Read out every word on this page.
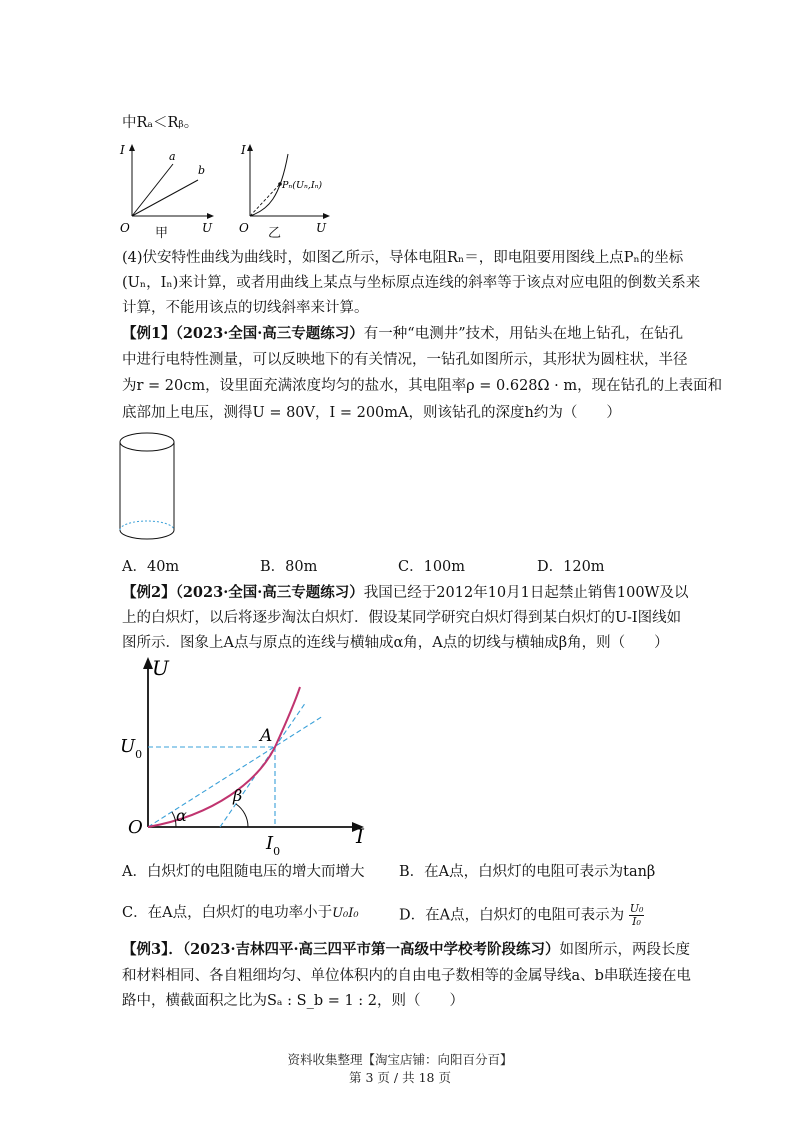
中Rₐ＜Rᵦ。
I
U
O
a
b
甲
I
U
O
Pₙ(Uₙ,Iₙ)
乙
(4)伏安特性曲线为曲线时，如图乙所示，导体电阻Rₙ＝，即电阻要用图线上点Pₙ的坐标
(Uₙ，Iₙ)来计算，或者用曲线上某点与坐标原点连线的斜率等于该点对应电阻的倒数关系来
计算，不能用该点的切线斜率来计算。
【例1】（2023·全国·高三专题练习）有一种“电测井”技术，用钻头在地上钻孔，在钻孔
中进行电特性测量，可以反映地下的有关情况，一钻孔如图所示，其形状为圆柱状，半径
为r = 20cm，设里面充满浓度均匀的盐水，其电阻率ρ = 0.628Ω · m，现在钻孔的上表面和
底部加上电压，测得U = 80V，I = 200mA，则该钻孔的深度h约为（　　）
A．40m	B．80m	C．100m	D．120m
【例2】（2023·全国·高三专题练习）我国已经于2012年10月1日起禁止销售100W及以
上的白炽灯，以后将逐步淘汰白炽灯．假设某同学研究白炽灯得到某白炽灯的U-I图线如
图所示．图象上A点与原点的连线与横轴成α角，A点的切线与横轴成β角，则（　　）
U
I
O
A
$U_0$
$I_0$
α
β
A．白炽灯的电阻随电压的增大而增大 B．在A点，白炽灯的电阻可表示为tanβ
C．在A点，白炽灯的电功率小于U₀I₀	D．在A点，白炽灯的电阻可表示为 $\frac{\text{U₀}}{\text{I₀}}$
【例3】．（2023·吉林四平·高三四平市第一高级中学校考阶段练习）如图所示，两段长度
和材料相同、各自粗细均匀、单位体积内的自由电子数相等的金属导线a、b串联连接在电
路中，横截面积之比为Sₐ : S_b = 1 : 2，则（　　）
资料收集整理【淘宝店铺：向阳百分百】
第 3 页 / 共 18 页
